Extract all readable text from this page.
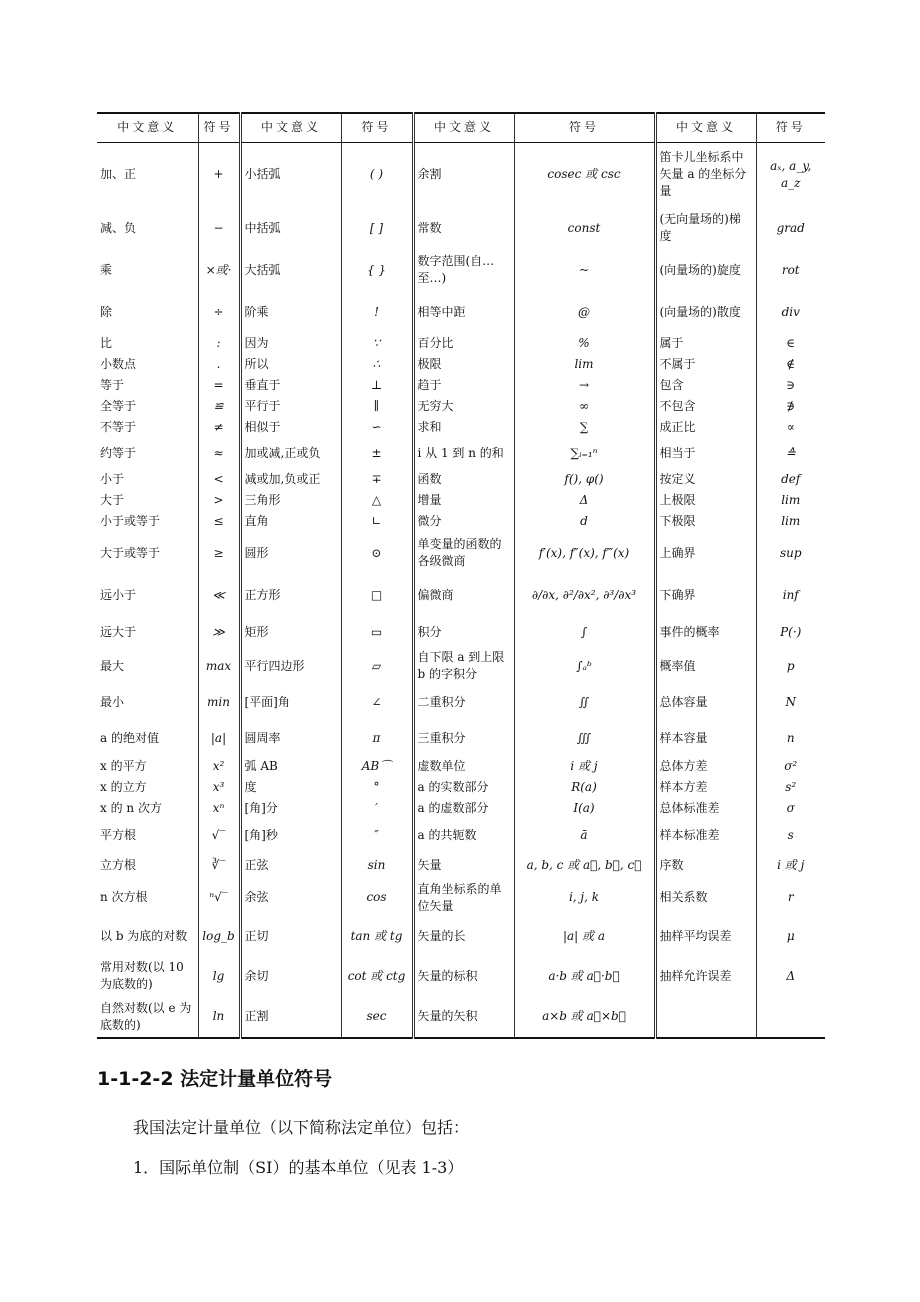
中文意义	符号	中文意义	符号	中文意义	符号	中文意义	符号
加、正	+	小括弧	( )	余割	cosec 或 csc	笛卡儿坐标系中矢量 a 的坐标分量	aₓ, a_y, a_z
减、负	−	中括弧	[ ]	常数	const	(无向量场的)梯度	grad
乘	×或·	大括弧	{ }	数字范围(自…至…)	~	(向量场的)旋度	rot
除	÷	阶乘	!	相等中距	@	(向量场的)散度	div
比	:	因为	∵	百分比	%	属于	∈
小数点	.	所以	∴	极限	lim	不属于	∉
等于	=	垂直于	⊥	趋于	→	包含	∋
全等于	≌	平行于	∥	无穷大	∞	不包含	∌
不等于	≠	相似于	∽	求和	∑	成正比	∝
约等于	≈	加或减,正或负	±	i 从 1 到 n 的和	∑ᵢ₌₁ⁿ	相当于	≙
小于	<	减或加,负或正	∓	函数	f(), φ()	按定义	def
大于	>	三角形	△	增量	Δ	上极限	lim
小于或等于	≤	直角	∟	微分	d	下极限	lim
大于或等于	≥	圆形	⊙	单变量的函数的各级微商	f′(x), f″(x), f‴(x)	上确界	sup
远小于	≪	正方形	□	偏微商	∂/∂x, ∂²/∂x², ∂³/∂x³	下确界	inf
远大于	≫	矩形	▭	积分	∫	事件的概率	P(·)
最大	max	平行四边形	▱	自下限 a 到上限 b 的字积分	∫ₐᵇ	概率值	p
最小	min	[平面]角	∠	二重积分	∬	总体容量	N
a 的绝对值	|a|	圆周率	π	三重积分	∭	样本容量	n
x 的平方	x²	弧 AB	AB⌒	虚数单位	i 或 j	总体方差	σ²
x 的立方	x³	度	°	a 的实数部分	R(a)	样本方差	s²
x 的 n 次方	xⁿ	[角]分	′	a 的虚数部分	I(a)	总体标准差	σ
平方根	√‾	[角]秒	″	a 的共轭数	ā	样本标准差	s
立方根	∛‾	正弦	sin	矢量	a, b, c 或 a⃗, b⃗, c⃗	序数	i 或 j
n 次方根	ⁿ√‾	余弦	cos	直角坐标系的单位矢量	i, j, k	相关系数	r
以 b 为底的对数	log_b	正切	tan 或 tg	矢量的长	|a| 或 a	抽样平均误差	μ
常用对数(以 10 为底数的)	lg	余切	cot 或 ctg	矢量的标积	a·b 或 a⃗·b⃗	抽样允许误差	Δ
自然对数(以 e 为底数的)	ln	正割	sec	矢量的矢积	a×b 或 a⃗×b⃗		
1-1-2-2 法定计量单位符号

我国法定计量单位（以下简称法定单位）包括：

1．国际单位制（SI）的基本单位（见表 1-3）
